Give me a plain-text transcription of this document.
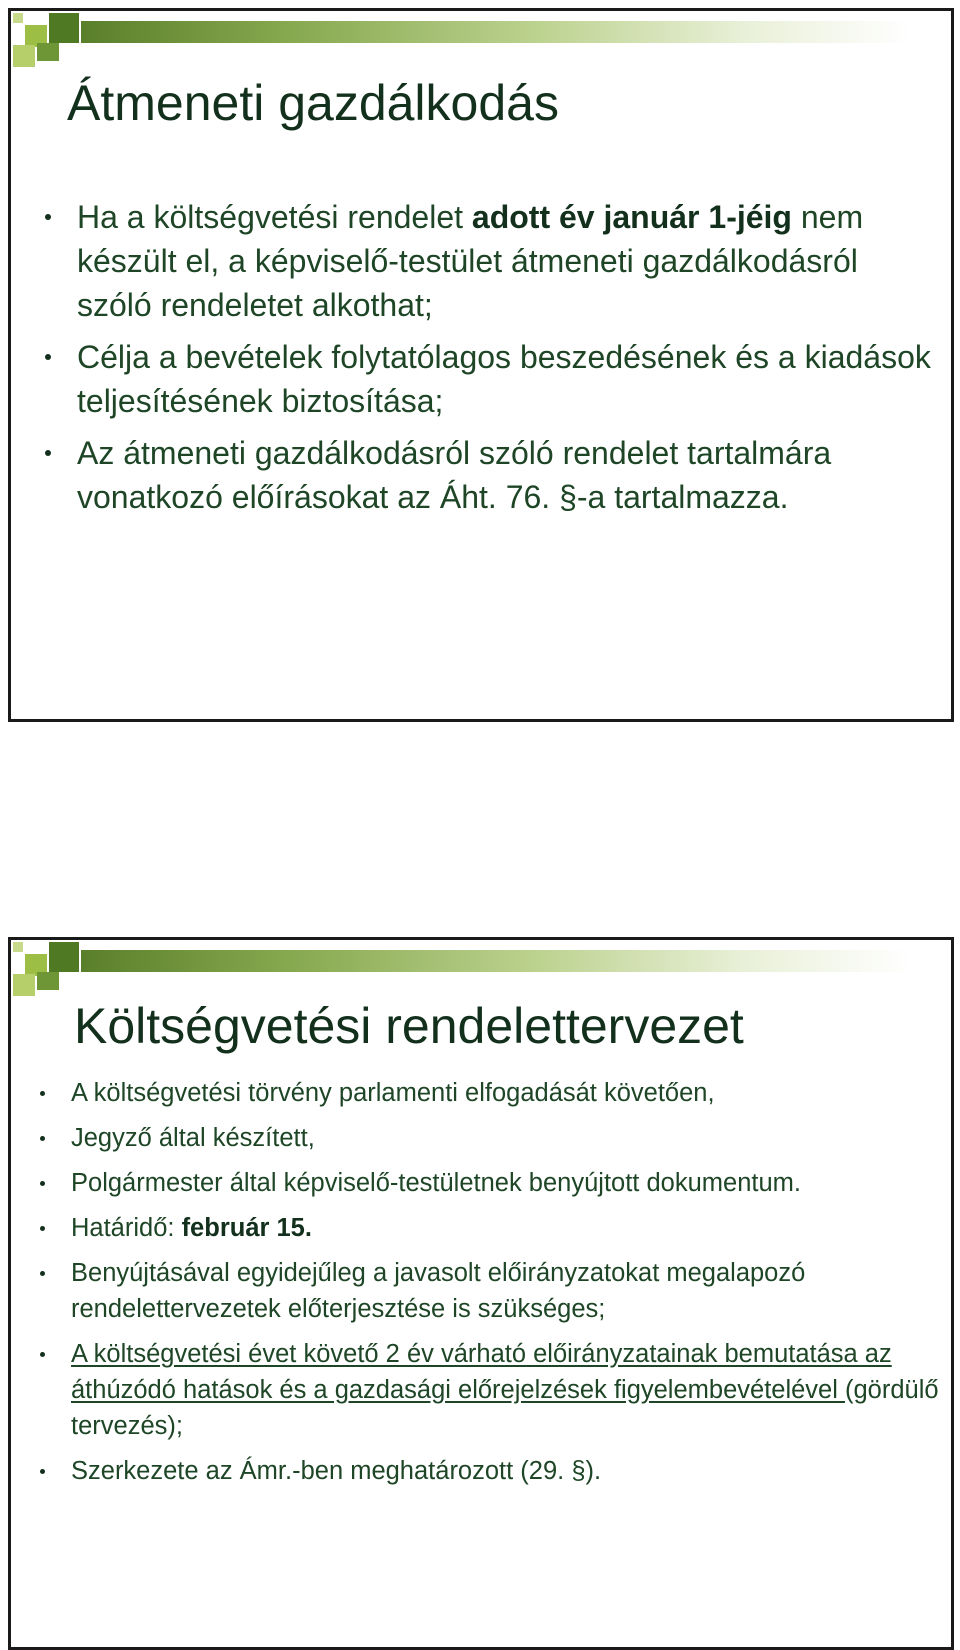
Átmeneti gazdálkodás
Ha a költségvetési rendelet adott év január 1-jéig nem készült el, a képviselő-testület átmeneti gazdálkodásról szóló rendeletet alkothat;
Célja a bevételek folytatólagos beszedésének és a kiadások teljesítésének biztosítása;
Az átmeneti gazdálkodásról szóló rendelet tartalmára vonatkozó előírásokat az Áht. 76. §-a tartalmazza.
Költségvetési rendelettervezet
A költségvetési törvény parlamenti elfogadását követően,
Jegyző által készített,
Polgármester által képviselő-testületnek benyújtott dokumentum.
Határidő: február 15.
Benyújtásával egyidejűleg a javasolt előirányzatokat megalapozó rendelettervezetek előterjesztése is szükséges;
A költségvetési évet követő 2 év várható előirányzatainak bemutatása az áthúzódó hatások és a gazdasági előrejelzések figyelembevételével (gördülő tervezés);
Szerkezete az Ámr.-ben meghatározott (29. §).
